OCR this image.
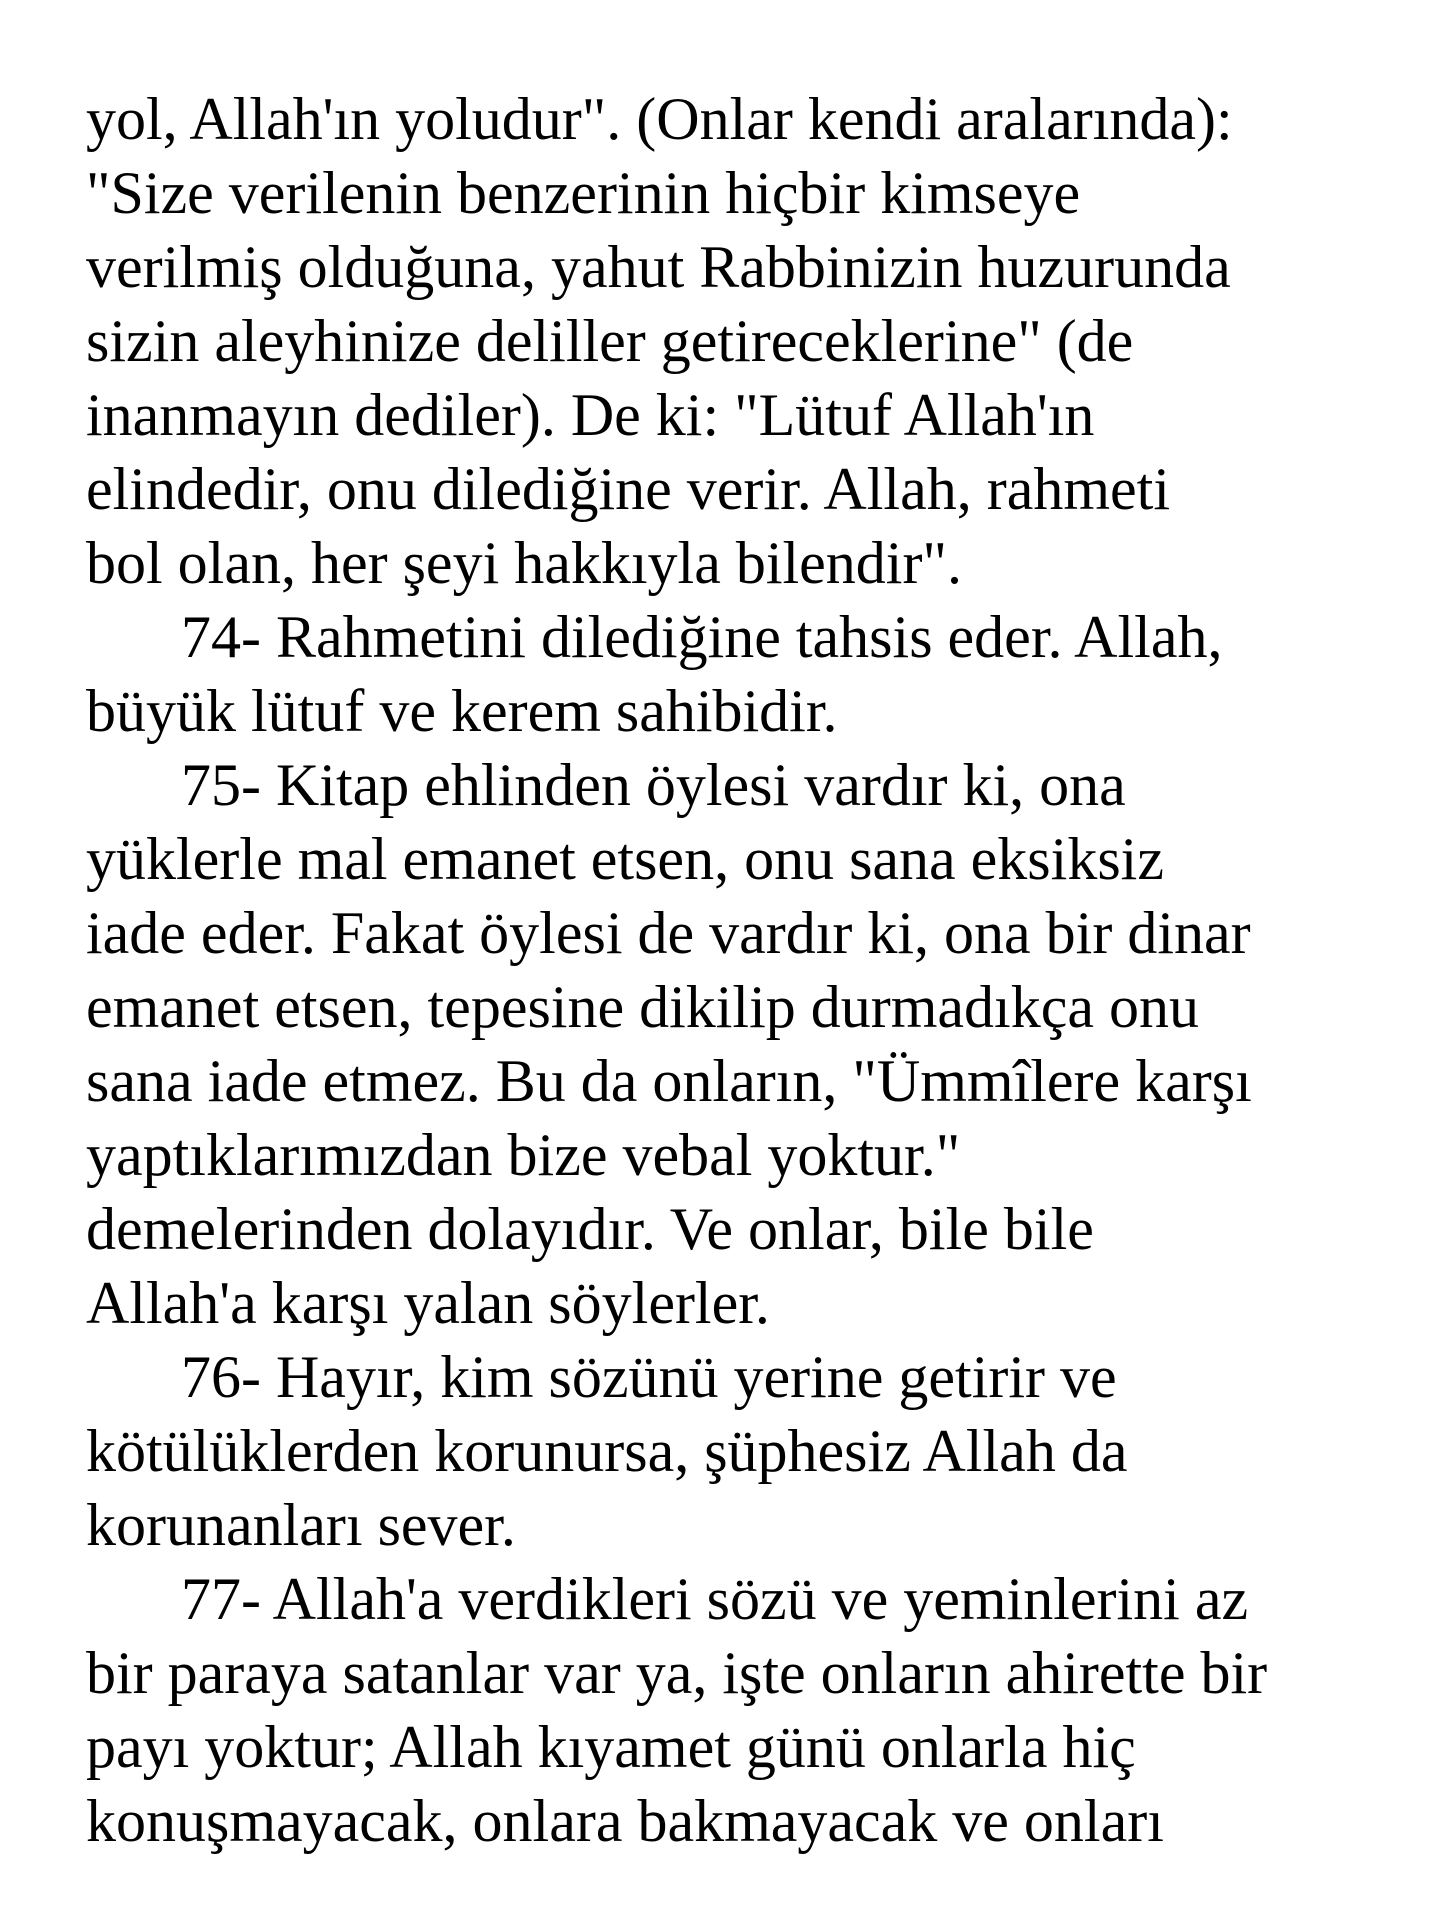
yol, Allah'ın yoludur". (Onlar kendi aralarında):
"Size verilenin benzerinin hiçbir kimseye
verilmiş olduğuna, yahut Rabbinizin huzurunda
sizin aleyhinize deliller getireceklerine" (de
inanmayın dediler). De ki: "Lütuf Allah'ın
elindedir, onu dilediğine verir. Allah, rahmeti
bol olan, her şeyi hakkıyla bilendir".
74- Rahmetini dilediğine tahsis eder. Allah,
büyük lütuf ve kerem sahibidir.
75- Kitap ehlinden öylesi vardır ki, ona
yüklerle mal emanet etsen, onu sana eksiksiz
iade eder. Fakat öylesi de vardır ki, ona bir dinar
emanet etsen, tepesine dikilip durmadıkça onu
sana iade etmez. Bu da onların, "Ümmîlere karşı
yaptıklarımızdan bize vebal yoktur."
demelerinden dolayıdır. Ve onlar, bile bile
Allah'a karşı yalan söylerler.
76- Hayır, kim sözünü yerine getirir ve
kötülüklerden korunursa, şüphesiz Allah da
korunanları sever.
77- Allah'a verdikleri sözü ve yeminlerini az
bir paraya satanlar var ya, işte onların ahirette bir
payı yoktur; Allah kıyamet günü onlarla hiç
konuşmayacak, onlara bakmayacak ve onları
